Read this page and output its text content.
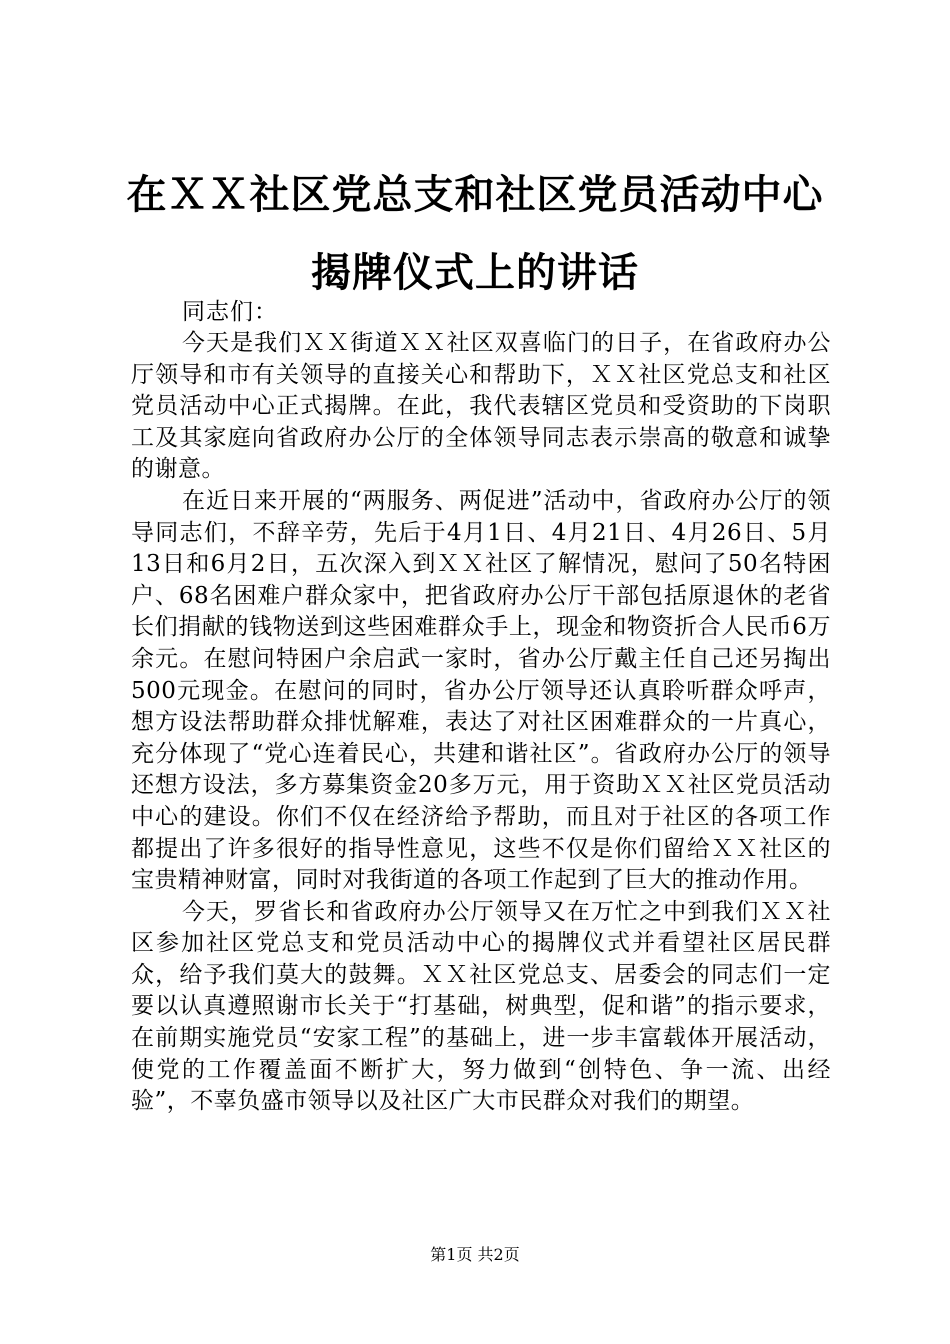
在ＸＸ社区党总支和社区党员活动中心揭牌仪式上的讲话

同志们：

今天是我们ＸＸ街道ＸＸ社区双喜临门的日子，在省政府办公厅领导和市有关领导的直接关心和帮助下，ＸＸ社区党总支和社区党员活动中心正式揭牌。在此，我代表辖区党员和受资助的下岗职工及其家庭向省政府办公厅的全体领导同志表示崇高的敬意和诚挚的谢意。

在近日来开展的“两服务、两促进”活动中，省政府办公厅的领导同志们，不辞辛劳，先后于4月1日、4月21日、4月26日、5月13日和6月2日，五次深入到ＸＸ社区了解情况，慰问了50名特困户、68名困难户群众家中，把省政府办公厅干部包括原退休的老省长们捐献的钱物送到这些困难群众手上，现金和物资折合人民币6万余元。在慰问特困户余启武一家时，省办公厅戴主任自己还另掏出500元现金。在慰问的同时，省办公厅领导还认真聆听群众呼声，想方设法帮助群众排忧解难，表达了对社区困难群众的一片真心，充分体现了“党心连着民心，共建和谐社区”。省政府办公厅的领导还想方设法，多方募集资金20多万元，用于资助ＸＸ社区党员活动中心的建设。你们不仅在经济给予帮助，而且对于社区的各项工作都提出了许多很好的指导性意见，这些不仅是你们留给ＸＸ社区的宝贵精神财富，同时对我街道的各项工作起到了巨大的推动作用。

今天，罗省长和省政府办公厅领导又在万忙之中到我们ＸＸ社区参加社区党总支和党员活动中心的揭牌仪式并看望社区居民群众，给予我们莫大的鼓舞。ＸＸ社区党总支、居委会的同志们一定要以认真遵照谢市长关于“打基础，树典型，促和谐”的指示要求，在前期实施党员“安家工程”的基础上，进一步丰富载体开展活动，使党的工作覆盖面不断扩大，努力做到“创特色、争一流、出经验”，不辜负盛市领导以及社区广大市民群众对我们的期望。

第1页 共2页
